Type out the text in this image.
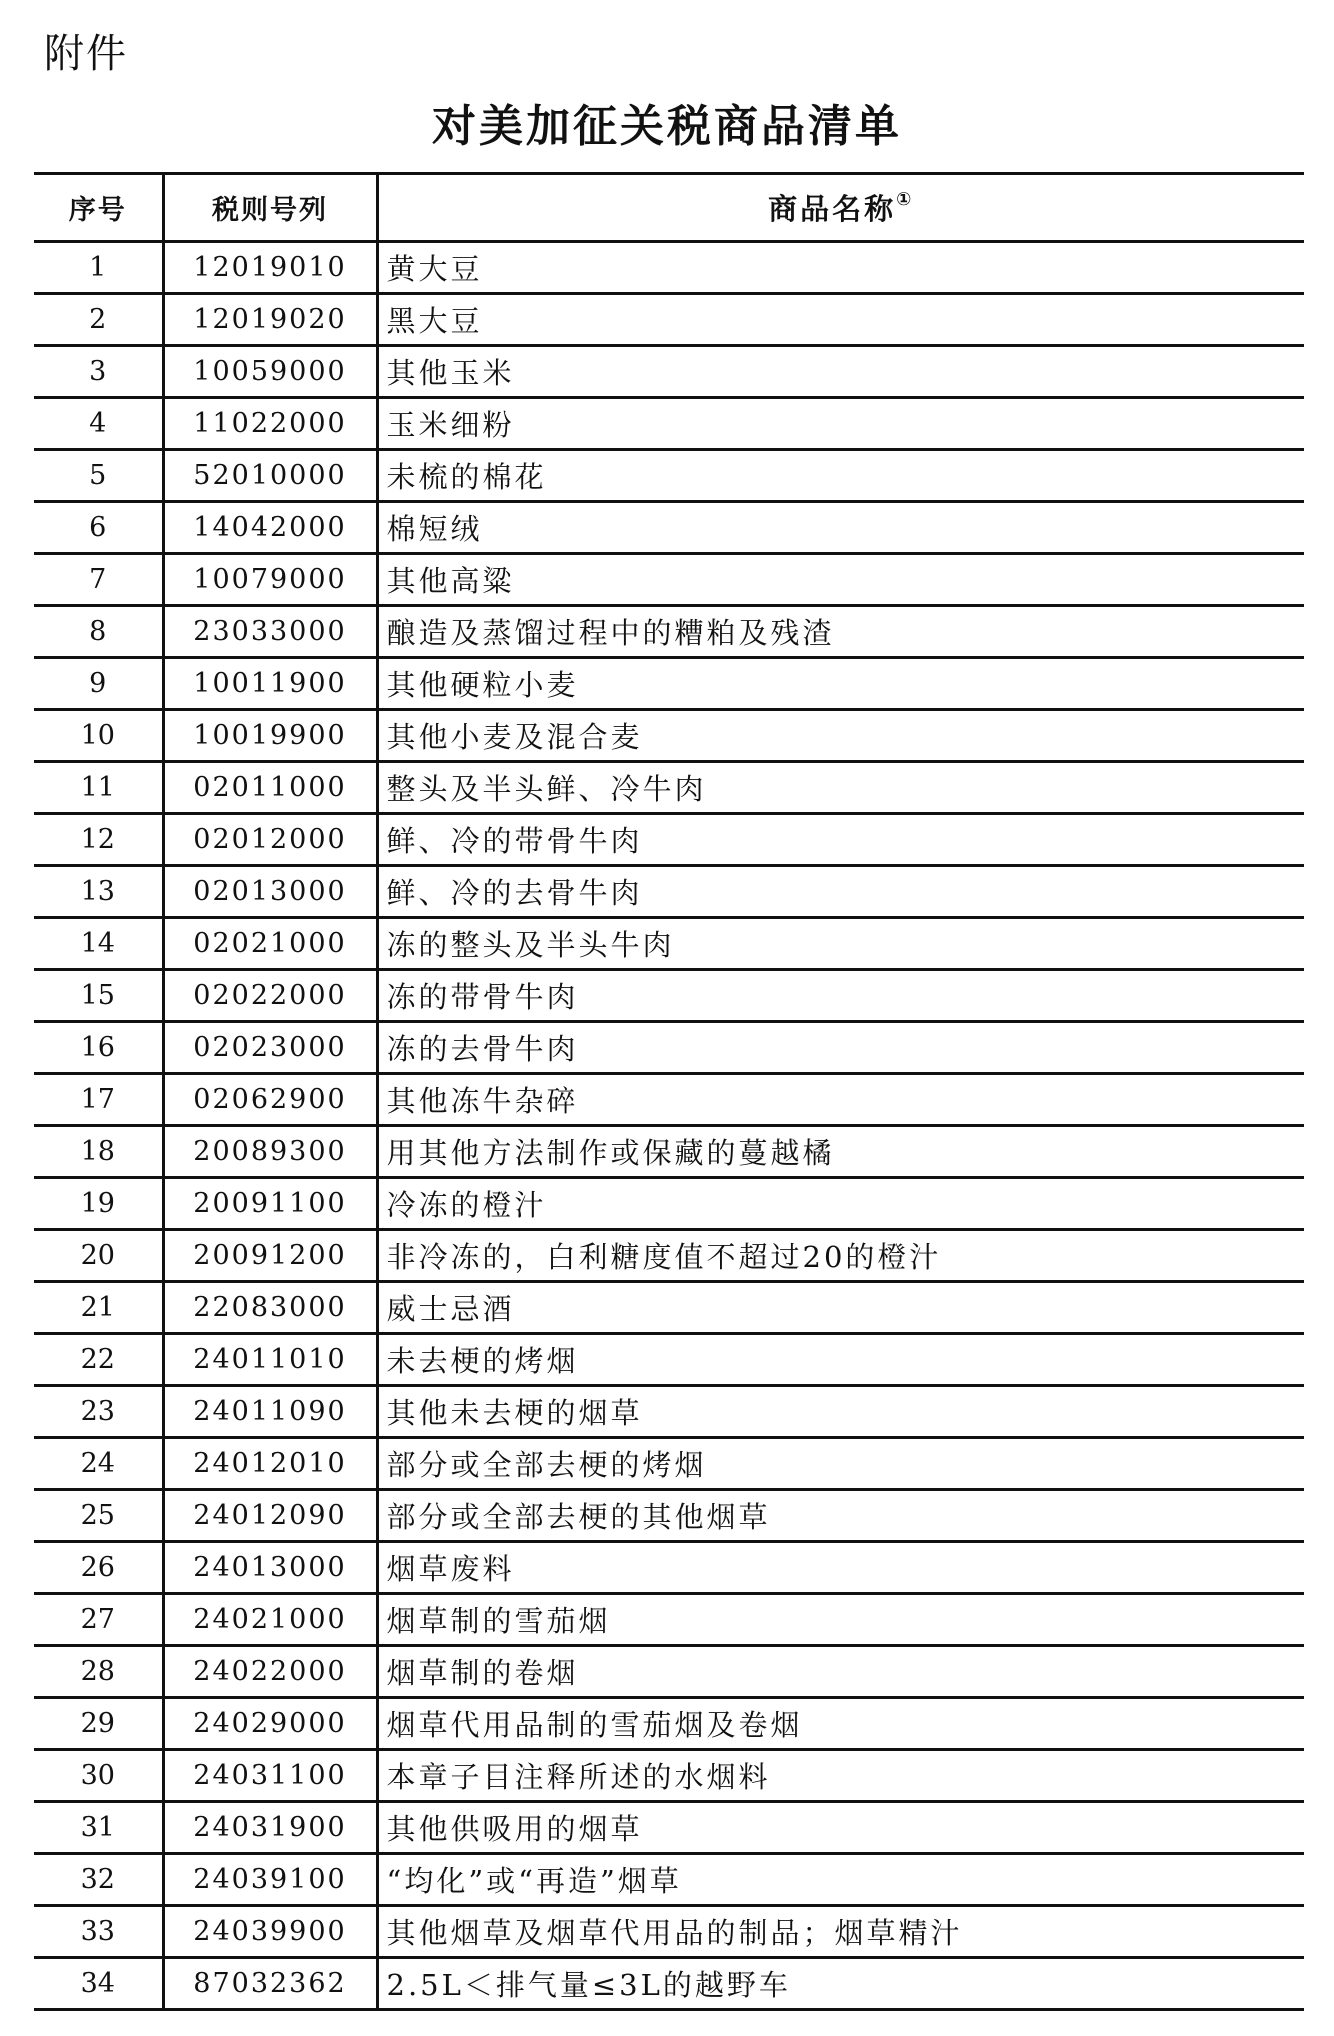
附件
对美加征关税商品清单
序号	税则号列	商品名称①
1	12019010	黄大豆
2	12019020	黑大豆
3	10059000	其他玉米
4	11022000	玉米细粉
5	52010000	未梳的棉花
6	14042000	棉短绒
7	10079000	其他高粱
8	23033000	酿造及蒸馏过程中的糟粕及残渣
9	10011900	其他硬粒小麦
10	10019900	其他小麦及混合麦
11	02011000	整头及半头鲜、冷牛肉
12	02012000	鲜、冷的带骨牛肉
13	02013000	鲜、冷的去骨牛肉
14	02021000	冻的整头及半头牛肉
15	02022000	冻的带骨牛肉
16	02023000	冻的去骨牛肉
17	02062900	其他冻牛杂碎
18	20089300	用其他方法制作或保藏的蔓越橘
19	20091100	冷冻的橙汁
20	20091200	非冷冻的，白利糖度值不超过20的橙汁
21	22083000	威士忌酒
22	24011010	未去梗的烤烟
23	24011090	其他未去梗的烟草
24	24012010	部分或全部去梗的烤烟
25	24012090	部分或全部去梗的其他烟草
26	24013000	烟草废料
27	24021000	烟草制的雪茄烟
28	24022000	烟草制的卷烟
29	24029000	烟草代用品制的雪茄烟及卷烟
30	24031100	本章子目注释所述的水烟料
31	24031900	其他供吸用的烟草
32	24039100	“均化”或“再造”烟草
33	24039900	其他烟草及烟草代用品的制品；烟草精汁
34	87032362	2.5L＜排气量≤3L的越野车
